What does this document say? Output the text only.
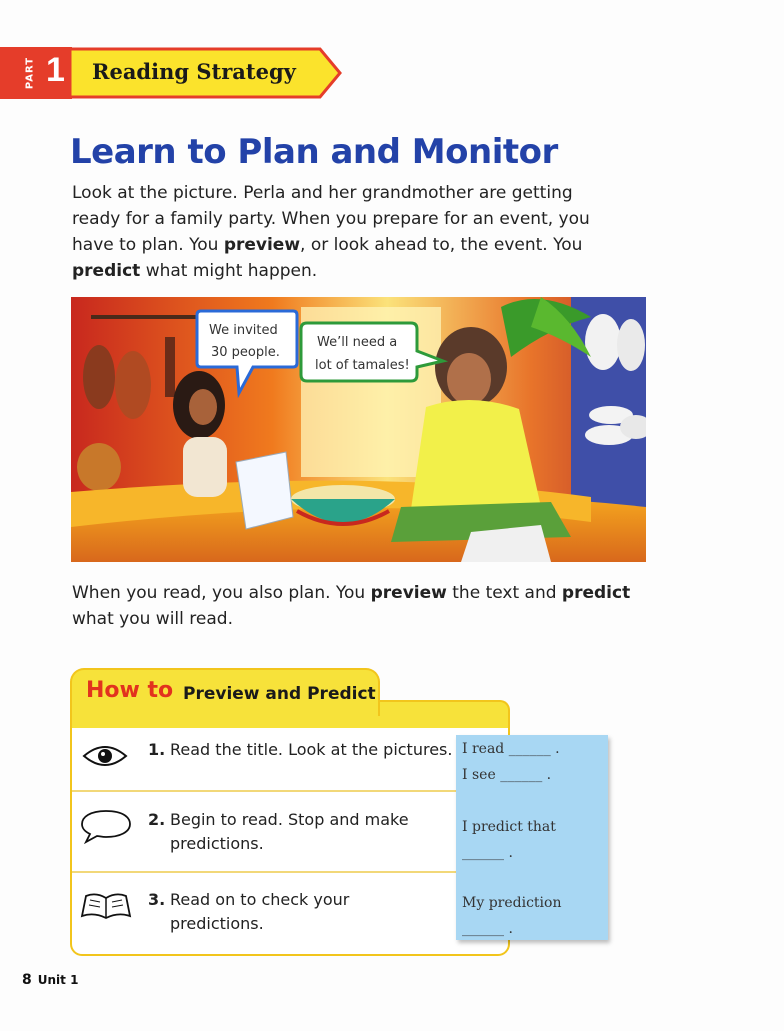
PART 1 Reading Strategy
Learn to Plan and Monitor

Look at the picture. Perla and her grandmother are getting ready for a family party. When you prepare for an event, you have to plan. You preview, or look ahead to, the event. You predict what might happen.

We invited
30 people.
We’ll need a
lot of tamales!

When you read, you also plan. You preview the text and predict what you will read.

How to Preview and Predict
1. Read the title. Look at the pictures.
2. Begin to read. Stop and make predictions.
3. Read on to check your predictions.
I read ______ .
I see ______ .
I predict that
______ .
My prediction
______ .
8 Unit 1
